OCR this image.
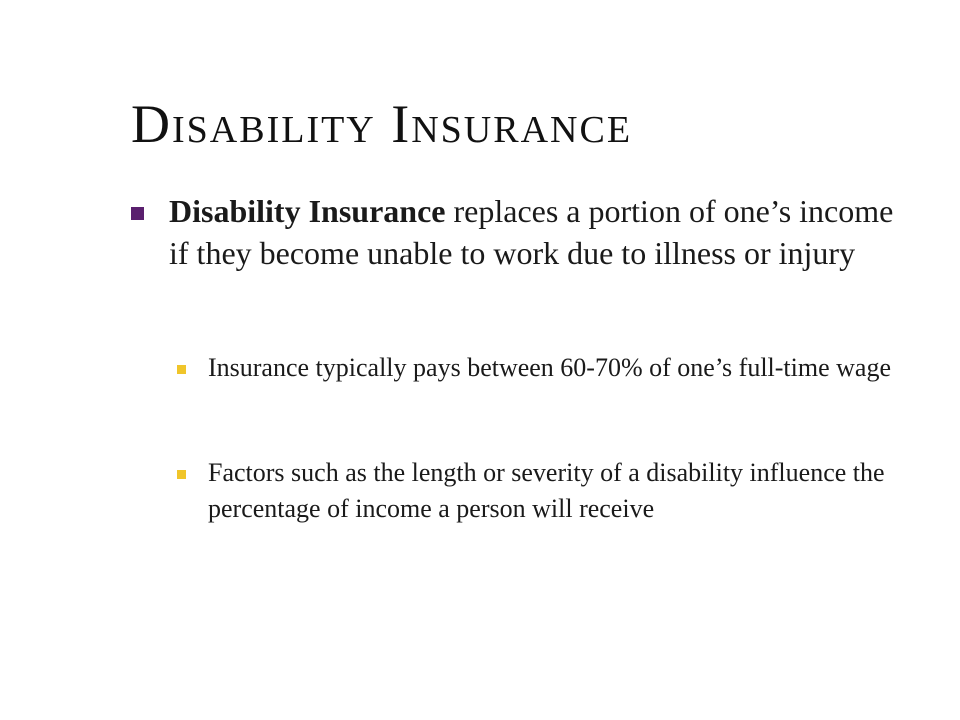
Disability Insurance
Disability Insurance replaces a portion of one’s income if they become unable to work due to illness or injury
Insurance typically pays between 60-70% of one’s full-time wage
Factors such as the length or severity of a disability influence the percentage of income a person will receive
